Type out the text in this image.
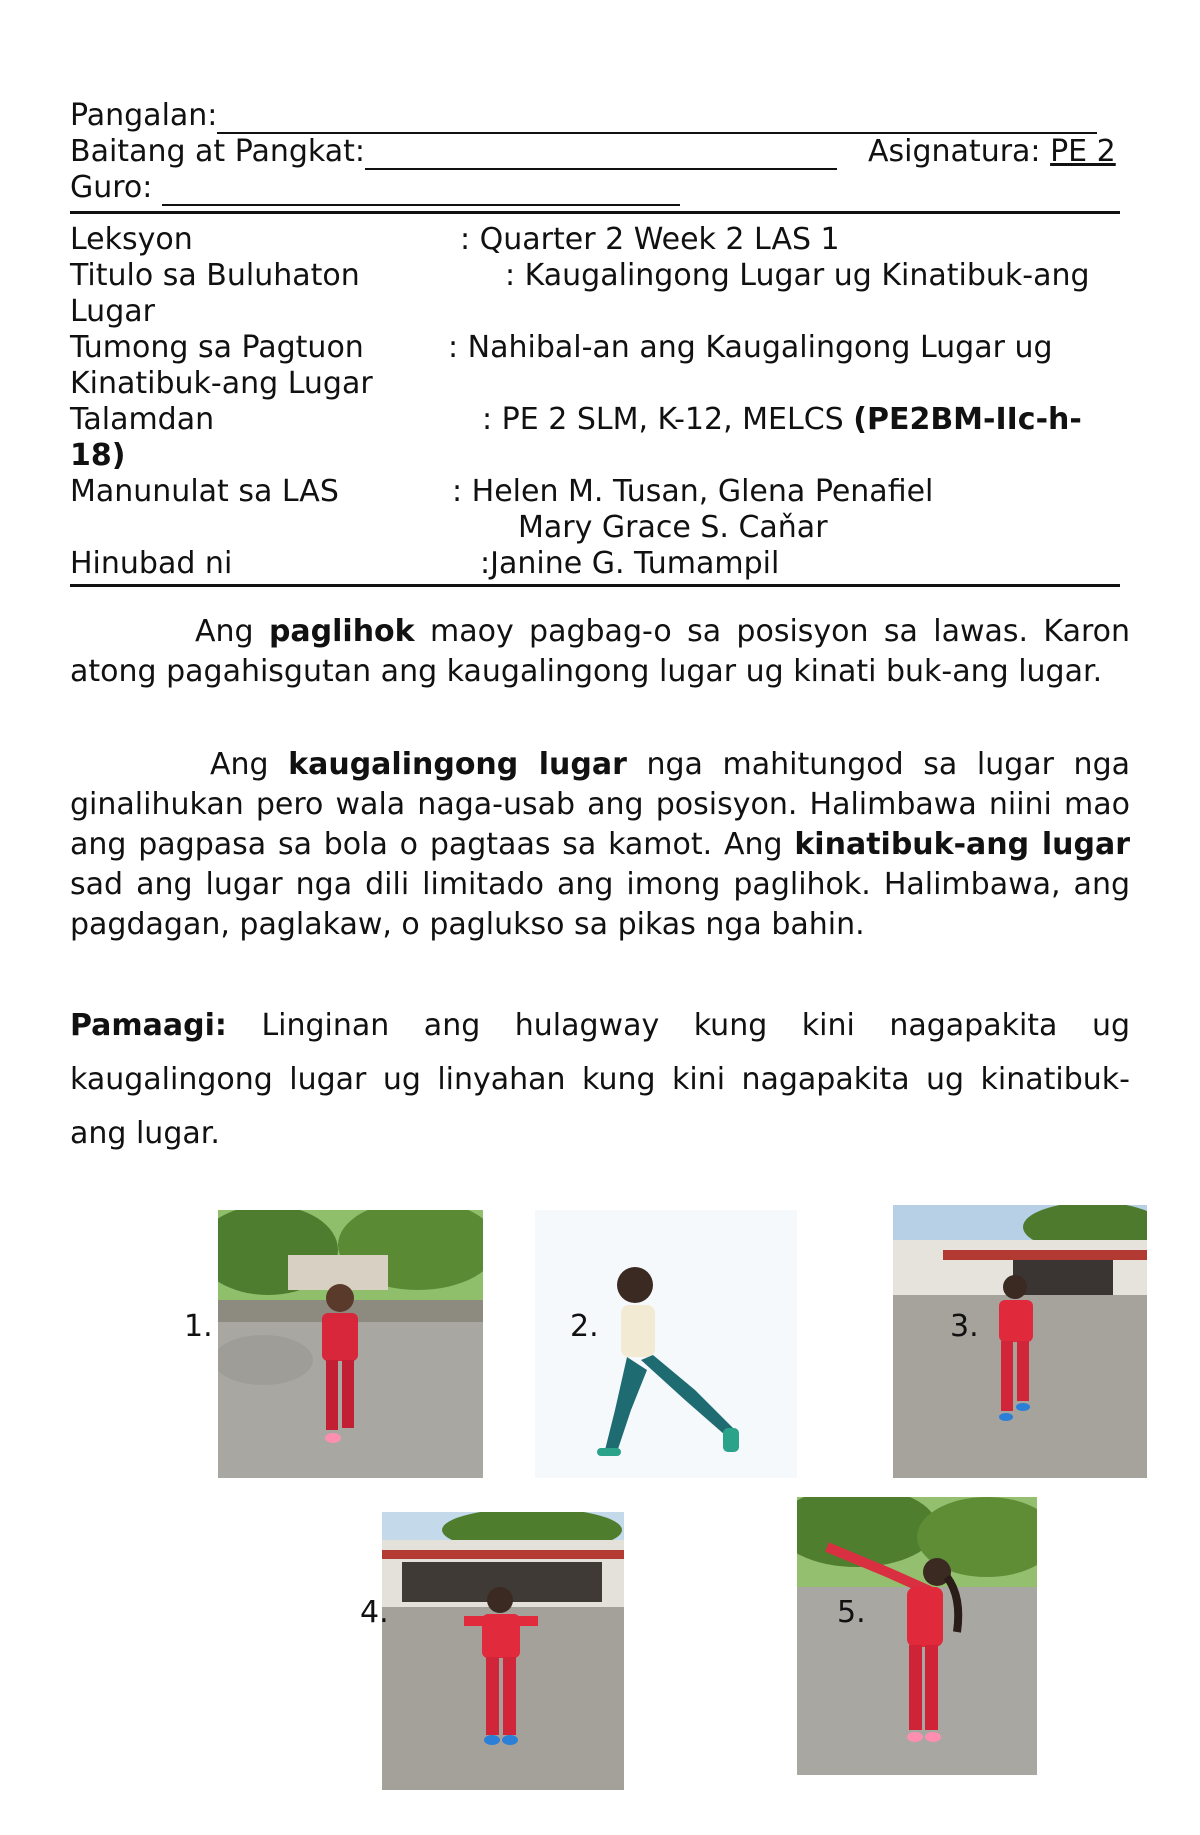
Pangalan:
Baitang at Pangkat:	Asignatura: PE 2
Guro:
Leksyon	: Quarter 2 Week 2 LAS 1
Titulo sa Buluhaton	: Kaugalingong Lugar ug Kinatibuk-ang
Lugar
Tumong sa Pagtuon	: Nahibal-an ang Kaugalingong Lugar ug
Kinatibuk-ang Lugar
Talamdan	: PE 2 SLM, K-12, MELCS (PE2BM-IIc-h-
18)
Manunulat sa LAS	: Helen M. Tusan, Glena Penafiel
Mary Grace S. Caňar
Hinubad ni	:Janine G. Tumampil
Ang paglihok maoy pagbag-o sa posisyon sa lawas. Karon atong pagahisgutan ang kaugalingong lugar ug kinati buk-ang lugar.
Ang kaugalingong lugar nga mahitungod sa lugar nga ginalihukan pero wala naga-usab ang posisyon. Halimbawa niini mao ang pagpasa sa bola o pagtaas sa kamot. Ang kinatibuk-ang lugar sad ang lugar nga dili limitado ang imong paglihok. Halimbawa, ang pagdagan, paglakaw, o paglukso sa pikas nga bahin.
Pamaagi: Linginan ang hulagway kung kini nagapakita ug kaugalingong lugar ug linyahan kung kini nagapakita ug kinatibuk-ang lugar.
1.	2.	3.
4.	5.
